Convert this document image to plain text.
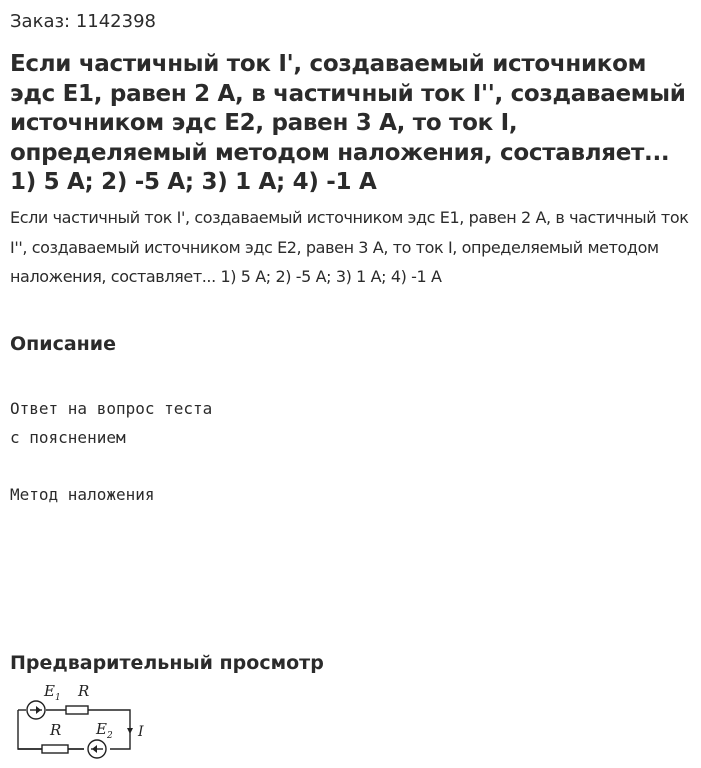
Заказ: 1142398
Если частичный ток I', создаваемый источником эдс E1, равен 2 А, в частичный ток I'', создаваемый источником эдс E2, равен 3 А, то ток I, определяемый методом наложения, составляет... 1) 5 А; 2) -5 А; 3) 1 А; 4) -1 А

Если частичный ток I', создаваемый источником эдс E1, равен 2 А, в частичный ток I'', создаваемый источником эдс E2, равен 3 А, то ток I, определяемый методом наложения, составляет... 1) 5 А; 2) -5 А; 3) 1 А; 4) -1 А

Описание
Ответ на вопрос теста
с пояснением
Метод наложения
Предварительный просмотр
E 1 R
R E 2 I
